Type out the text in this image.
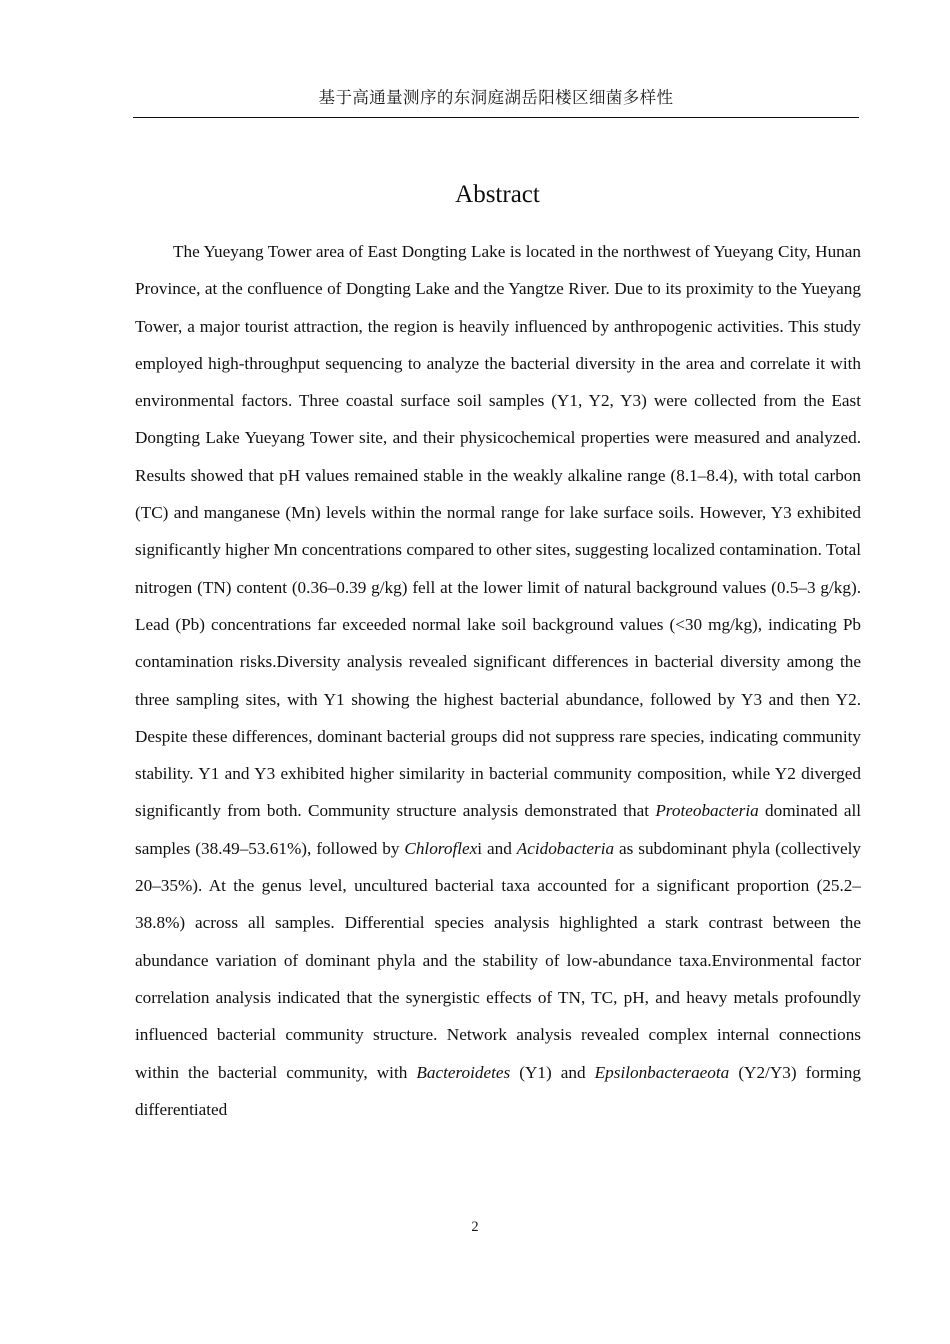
基于高通量测序的东洞庭湖岳阳楼区细菌多样性
Abstract

The Yueyang Tower area of East Dongting Lake is located in the northwest of Yueyang City, Hunan Province, at the confluence of Dongting Lake and the Yangtze River. Due to its proximity to the Yueyang Tower, a major tourist attraction, the region is heavily influenced by anthropogenic activities. This study employed high-throughput sequencing to analyze the bacterial diversity in the area and correlate it with environmental factors. Three coastal surface soil samples (Y1, Y2, Y3) were collected from the East Dongting Lake Yueyang Tower site, and their physicochemical properties were measured and analyzed. Results showed that pH values remained stable in the weakly alkaline range (8.1–8.4), with total carbon (TC) and manganese (Mn) levels within the normal range for lake surface soils. However, Y3 exhibited significantly higher Mn concentrations compared to other sites, suggesting localized contamination. Total nitrogen (TN) content (0.36–0.39 g/kg) fell at the lower limit of natural background values (0.5–3 g/kg). Lead (Pb) concentrations far exceeded normal lake soil background values (<30 mg/kg), indicating Pb contamination risks.Diversity analysis revealed significant differences in bacterial diversity among the three sampling sites, with Y1 showing the highest bacterial abundance, followed by Y3 and then Y2. Despite these differences, dominant bacterial groups did not suppress rare species, indicating community stability. Y1 and Y3 exhibited higher similarity in bacterial community composition, while Y2 diverged significantly from both. Community structure analysis demonstrated that Proteobacteria dominated all samples (38.49–53.61%), followed by Chloroflexi and Acidobacteria as subdominant phyla (collectively 20–35%). At the genus level, uncultured bacterial taxa accounted for a significant proportion (25.2–38.8%) across all samples. Differential species analysis highlighted a stark contrast between the abundance variation of dominant phyla and the stability of low-abundance taxa.Environmental factor correlation analysis indicated that the synergistic effects of TN, TC, pH, and heavy metals profoundly influenced bacterial community structure. Network analysis revealed complex internal connections within the bacterial community, with Bacteroidetes (Y1) and Epsilonbacteraeota (Y2/Y3) forming differentiated

2
